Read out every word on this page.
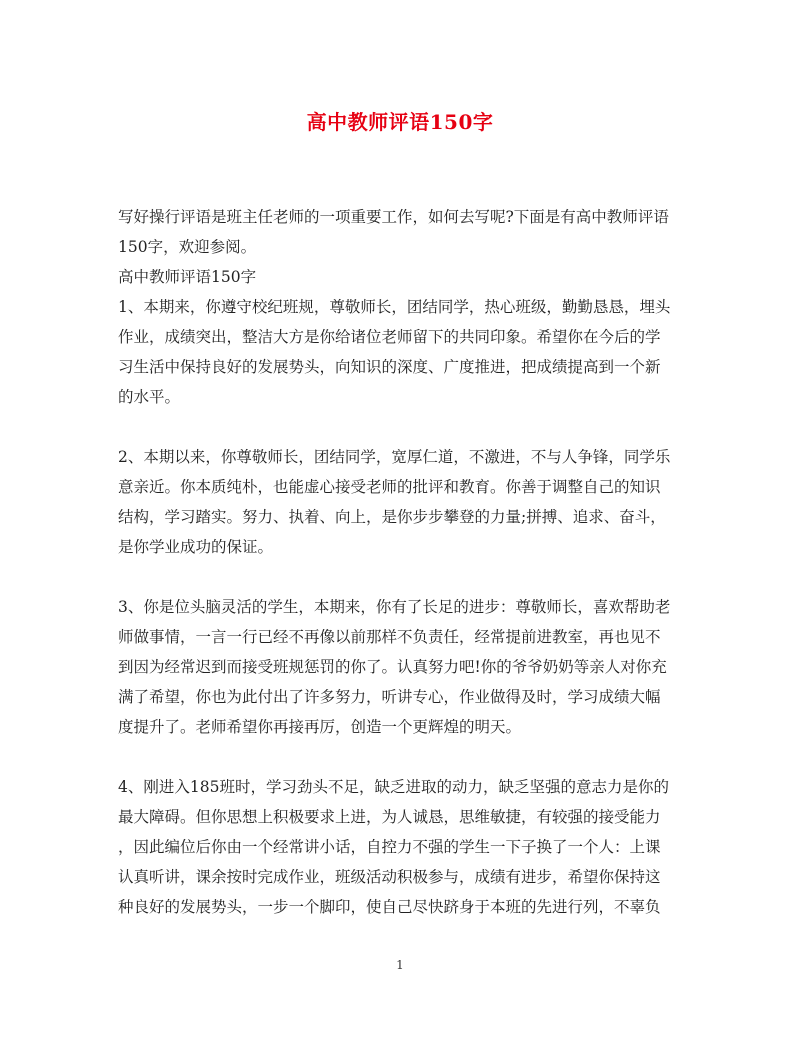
高中教师评语150字
写好操行评语是班主任老师的一项重要工作，如何去写呢?下面是有高中教师评语
150字，欢迎参阅。
高中教师评语150字
1、本期来，你遵守校纪班规，尊敬师长，团结同学，热心班级，勤勤恳恳，埋头
作业，成绩突出，整洁大方是你给诸位老师留下的共同印象。希望你在今后的学
习生活中保持良好的发展势头，向知识的深度、广度推进，把成绩提高到一个新
的水平。
2、本期以来，你尊敬师长，团结同学，宽厚仁道，不激进，不与人争锋，同学乐
意亲近。你本质纯朴，也能虚心接受老师的批评和教育。你善于调整自己的知识
结构，学习踏实。努力、执着、向上，是你步步攀登的力量;拼搏、追求、奋斗，
是你学业成功的保证。
3、你是位头脑灵活的学生，本期来，你有了长足的进步：尊敬师长，喜欢帮助老
师做事情，一言一行已经不再像以前那样不负责任，经常提前进教室，再也见不
到因为经常迟到而接受班规惩罚的你了。认真努力吧!你的爷爷奶奶等亲人对你充
满了希望，你也为此付出了许多努力，听讲专心，作业做得及时，学习成绩大幅
度提升了。老师希望你再接再厉，创造一个更辉煌的明天。
4、刚进入185班时，学习劲头不足，缺乏进取的动力，缺乏坚强的意志力是你的
最大障碍。但你思想上积极要求上进，为人诚恳，思维敏捷，有较强的接受能力
，因此编位后你由一个经常讲小话，自控力不强的学生一下子换了一个人：上课
认真听讲，课余按时完成作业，班级活动积极参与，成绩有进步，希望你保持这
种良好的发展势头，一步一个脚印，使自己尽快跻身于本班的先进行列，不辜负
1
